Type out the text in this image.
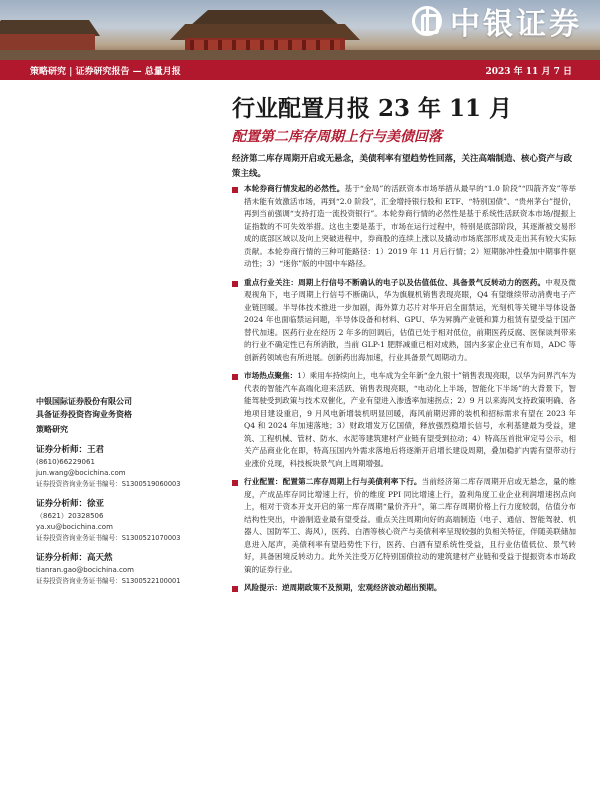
中银证券
策略研究 | 证券研究报告 — 总量月报	2023 年 11 月 7 日
行业配置月报 23 年 11 月
配置第二库存周期上行与美债回落
经济第二库存周期开启或无悬念，美债利率有望趋势性回落，关注高端制造、核心资产与政策主线。
本轮券商行情发起的必然性。基于“金局”的活跃资本市场举措从最早的“1.0 阶段”“四箭齐发”等举措未能有效激活市场，再到“2.0 阶段”，汇金增持银行股和 ETF、“特别国债”、“贵州茅台”提价，再到当前强调“支持打造一流投资银行”。本轮券商行情的必然性是基于系统性活跃资本市场/提振上证指数的不可失效举措。这也主要是基于，市场在运行过程中，特别是底部阶段，其逐渐被交易形成的底部区域以及向上突破进程中，券商股的连续上涨以及撬动市场底部形成及走出其有较大实际贡献。本轮券商行情的三种可能路径：1）2019 年 11 月后行情；2）短期脉冲性叠加中期事件驱动性；3）“迷你”版的中国中车路径。
重点行业关注：周期上行信号不断确认的电子以及估值低位、具备景气反转动力的医药。中观及微观视角下，电子周期上行信号不断确认，华为旗舰机销售表现亮眼，Q4 有望继续带动消费电子产业链回暖。半导体技术推进一步加剧，海外算力芯片对华开启全面禁运，光刻机等关键半导体设备 2024 年也面临禁运问题，半导体设备和材料、GPU、华为昇腾产业链和算力租赁有望受益于国产替代加速。医药行业在经历 2 年多的回调后，估值已处于相对低位，前期医药反腐、医保谈判带来的行业不确定性已有所消散，当前 GLP-1 肥胖减重已相对成熟，国内多家企业已有布局，ADC 等创新药领域也有所进展。创新药出海加速，行业具备景气周期动力。
市场热点聚焦：1）乘用车持续向上，电车成为全年新“金九银十”销售表现亮眼，以华为问界汽车为代表的智能汽车高端化迎来活跃、销售表现亮眼，“电动化上半场，智能化下半场”的大背景下，智能驾驶受到政策与技术双催化，产业有望进入渗透率加速拐点；2）9 月以来海风支持政策明确、各地项目建设重启，9 月风电新增装机明显回暖，海风前期迟滞的装机和招标需求有望在 2023 年 Q4 和 2024 年加速落地；3）财政增发万亿国债，释放强烈稳增长信号，水利基建最为受益，建筑、工程机械、管材、防水、水泥等建筑建材产业链有望受到拉动；4）特高压首批审定号公示，相关产品商业化在即，特高压国内外需求落地后将逐渐开启增长建设周期，叠加稳扩内需有望带动行业涨价兑现，科技板块景气向上周期增强。
行业配置：配置第二库存周期上行与美债利率下行。当前经济第二库存周期开启或无悬念，量的维度，产成品库存同比增速上行，价的维度 PPI 同比增速上行，盈利角度工业企业利润增速拐点向上，相对于资本开支开启的第一库存周期“量价齐升”，第二库存周期价格上行力度较弱，估值分布结构性突出，中游制造业最有望受益。重点关注周期向好的高端制造（电子、通信、智能驾驶、机器人、国防军工、海风），医药、白酒等核心资产与美债利率呈现较强的负相关特征，伴随美联储加息进入尾声，美债利率有望趋势性下行，医药、白酒有望系统性受益，且行业估值低位、景气转好，具备困境反转动力。此外关注受万亿特别国债拉动的建筑建材产业链和受益于提振资本市场政策的证券行业。
风险提示：逆周期政策不及预期，宏观经济波动超出预期。
中银国际证券股份有限公司
具备证券投资咨询业务资格
策略研究
证券分析师：王君
(8610)66229061
jun.wang@bocichina.com
证券投资咨询业务证书编号：S1300519060003
证券分析师：徐亚
（8621）20328506
ya.xu@bocichina.com
证券投资咨询业务证书编号：S1300521070003
证券分析师：高天然
tianran.gao@bocichina.com
证券投资咨询业务证书编号：S1300522100001
